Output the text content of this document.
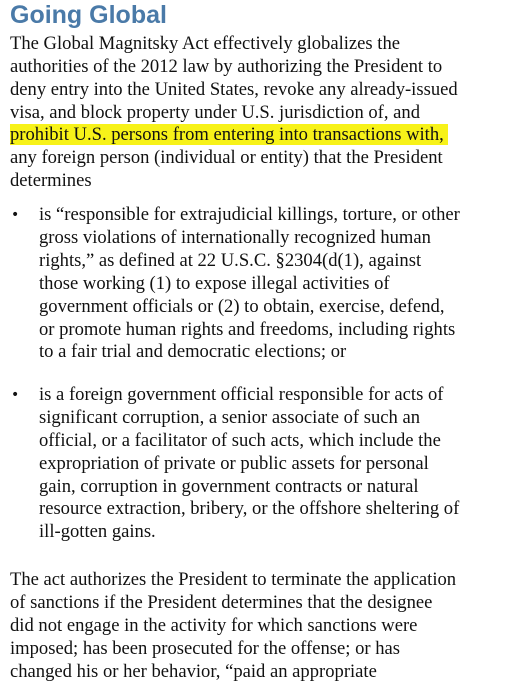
Going Global
The Global Magnitsky Act effectively globalizes the
authorities of the 2012 law by authorizing the President to
deny entry into the United States, revoke any already-issued
visa, and block property under U.S. jurisdiction of, and
prohibit U.S. persons from entering into transactions with,
any foreign person (individual or entity) that the President
determines
• is “responsible for extrajudicial killings, torture, or other
gross violations of internationally recognized human
rights,” as defined at 22 U.S.C. §2304(d(1), against
those working (1) to expose illegal activities of
government officials or (2) to obtain, exercise, defend,
or promote human rights and freedoms, including rights
to a fair trial and democratic elections; or
• is a foreign government official responsible for acts of
significant corruption, a senior associate of such an
official, or a facilitator of such acts, which include the
expropriation of private or public assets for personal
gain, corruption in government contracts or natural
resource extraction, bribery, or the offshore sheltering of
ill-gotten gains.
The act authorizes the President to terminate the application
of sanctions if the President determines that the designee
did not engage in the activity for which sanctions were
imposed; has been prosecuted for the offense; or has
changed his or her behavior, “paid an appropriate
